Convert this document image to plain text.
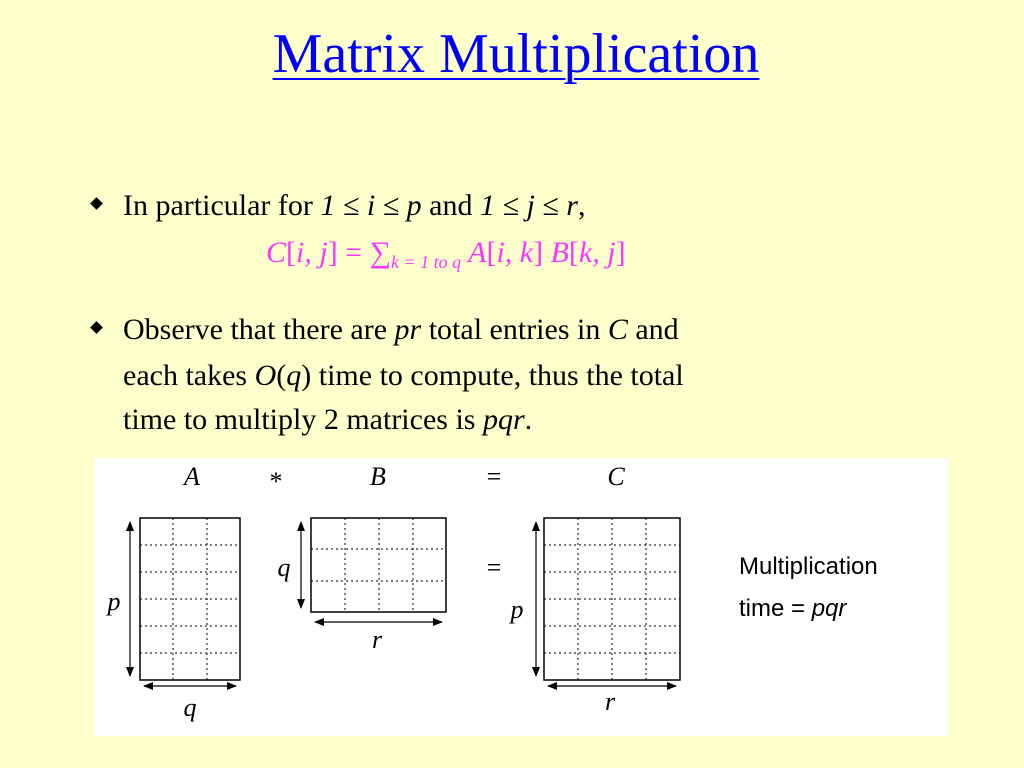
Matrix Multiplication
In particular for 1 ≤ i ≤ p and 1 ≤ j ≤ r,
C[i, $j] = \sum_{k = 1 to q}$ A[i, k] B[k, j]
Observe that there are pr total entries in C and
each takes O(q) time to compute, thus the total
time to multiply 2 matrices is pqr.
A	*	B	=	C
p
q
q
r
=
p
r
Multiplication
time = pqr
